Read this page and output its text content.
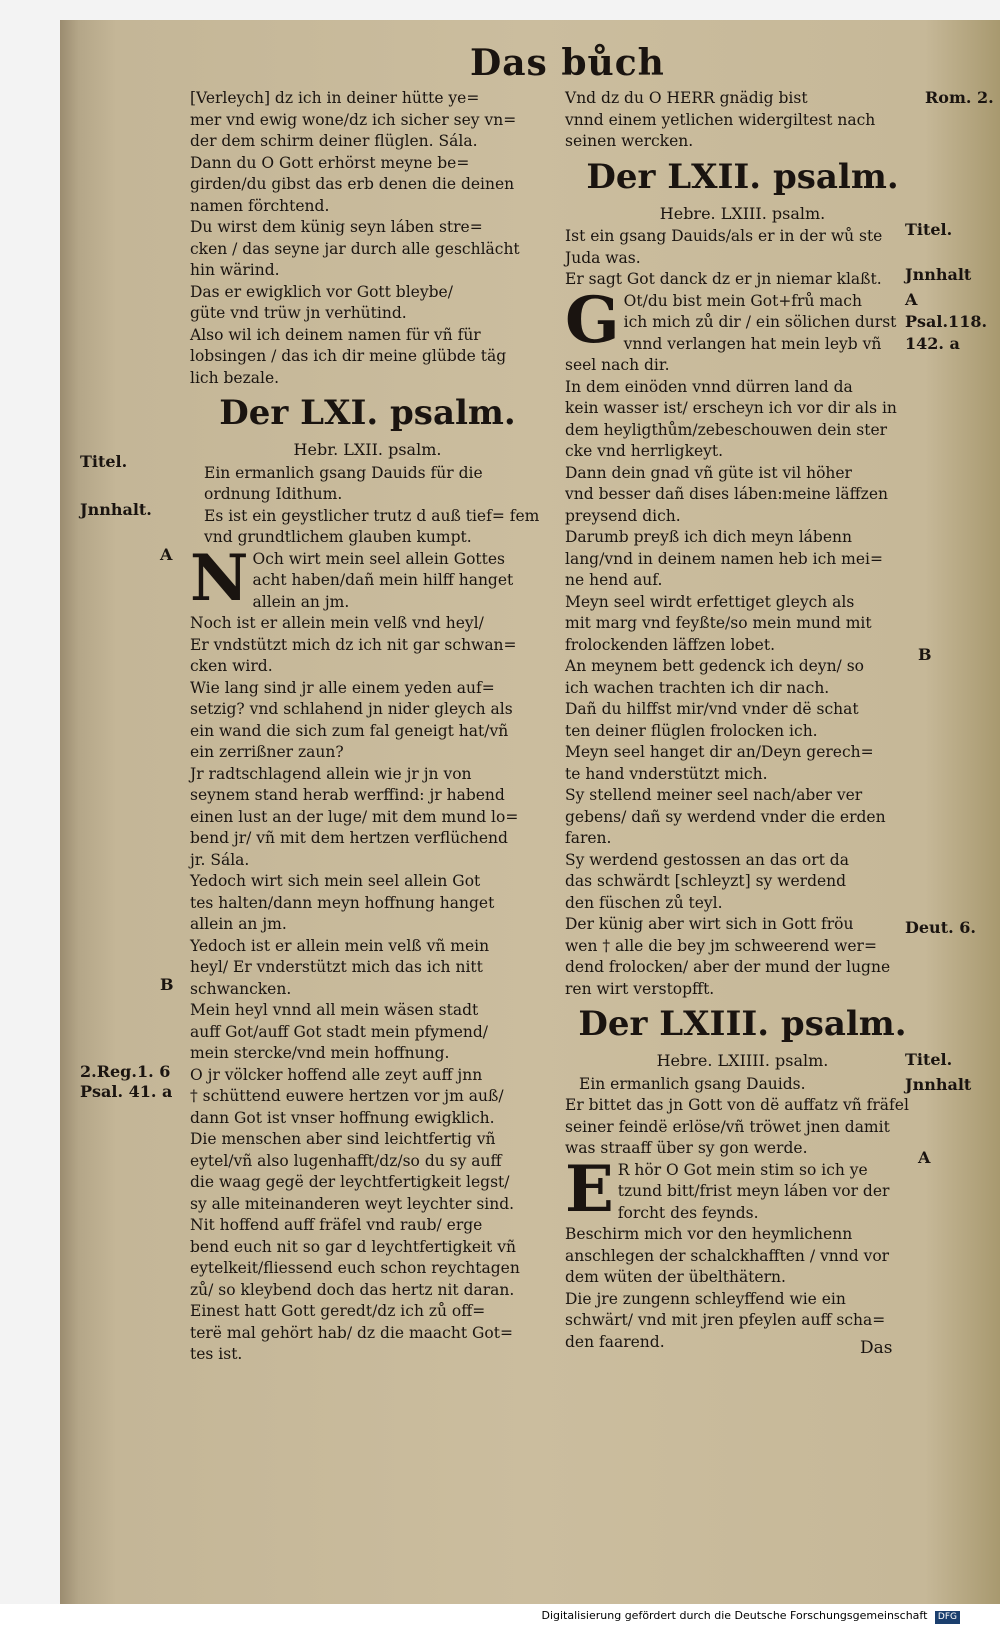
Das bůch
[Verleych] dz ich in deiner hütte ye=
mer vnd ewig wone/dz ich sicher sey vn=
der dem schirm deiner flüglen. Sála.
Dann du O Gott erhörst meyne be=
girden/du gibst das erb denen die deinen
namen förchtend.
Du wirst dem künig seyn láben stre=
cken / das seyne jar durch alle geschlächt
hin wärind.
Das er ewigklich vor Gott bleybe/
güte vnd trüw jn verhütind.
Also wil ich deinem namen für vñ für
lobsingen / das ich dir meine glübde täg
lich bezale.
Der LXI. psalm.
Hebr. LXII. psalm.

Ein ermanlich gsang Dauids für die ordnung Idithum.

Es ist ein geystlicher trutz d auß tief= fem vnd grundtlichem glauben kumpt.

N Och wirt mein seel allein Gottes
acht haben/dañ mein hilff hanget
allein an jm.
Noch ist er allein mein velß vnd heyl/
Er vndstützt mich dz ich nit gar schwan=
cken wird.
Wie lang sind jr alle einem yeden auf=
setzig? vnd schlahend jn nider gleych als
ein wand die sich zum fal geneigt hat/vñ
ein zerrißner zaun?
Jr radtschlagend allein wie jr jn von
seynem stand herab werffind: jr habend
einen lust an der luge/ mit dem mund lo=
bend jr/ vñ mit dem hertzen verflüchend
jr. Sála.
Yedoch wirt sich mein seel allein Got
tes halten/dann meyn hoffnung hanget
allein an jm.
Yedoch ist er allein mein velß vñ mein
heyl/ Er vnderstützt mich das ich nitt
schwancken.
Mein heyl vnnd all mein wäsen stadt
auff Got/auff Got stadt mein pfymend/
mein stercke/vnd mein hoffnung.
O jr völcker hoffend alle zeyt auff jnn
† schüttend euwere hertzen vor jm auß/
dann Got ist vnser hoffnung ewigklich.
Die menschen aber sind leichtfertig vñ
eytel/vñ also lugenhafft/dz/so du sy auff
die waag gegë der leychtfertigkeit legst/
sy alle miteinanderen weyt leychter sind.
Nit hoffend auff fräfel vnd raub/ erge
bend euch nit so gar d leychtfertigkeit vñ
eytelkeit/fliessend euch schon reychtagen
zů/ so kleybend doch das hertz nit daran.
Einest hatt Gott geredt/dz ich zů off=
terë mal gehört hab/ dz die maacht Got=
tes ist.
Vnd dz du O HERR gnädig bist
vnnd einem yetlichen widergiltest nach
seinen wercken.
Der LXII. psalm.
Hebre. LXIII. psalm.

Ist ein gsang Dauids/als er in der wů ste Juda was.

Er sagt Got danck dz er jn niemar klaßt.

G Ot/du bist mein Got+frů mach
ich mich zů dir / ein sölichen durst
vnnd verlangen hat mein leyb vñ
seel nach dir.
In dem einöden vnnd dürren land da
kein wasser ist/ erscheyn ich vor dir als in
dem heyligthům/zebeschouwen dein ster
cke vnd herrligkeyt.
Dann dein gnad vñ güte ist vil höher
vnd besser dañ dises láben:meine läffzen
preysend dich.
Darumb preyß ich dich meyn lábenn
lang/vnd in deinem namen heb ich mei=
ne hend auf.
Meyn seel wirdt erfettiget gleych als
mit marg vnd feyßte/so mein mund mit
frolockenden läffzen lobet.
An meynem bett gedenck ich deyn/ so
ich wachen trachten ich dir nach.
Dañ du hilffst mir/vnd vnder dë schat
ten deiner flüglen frolocken ich.
Meyn seel hanget dir an/Deyn gerech=
te hand vnderstützt mich.
Sy stellend meiner seel nach/aber ver
gebens/ dañ sy werdend vnder die erden
faren.
Sy werdend gestossen an das ort da
das schwärdt [schleyzt] sy werdend
den füschen zů teyl.
Der künig aber wirt sich in Gott fröu
wen † alle die bey jm schweerend wer=
dend frolocken/ aber der mund der lugne
ren wirt verstopfft.
Der LXIII. psalm.
Hebre. LXIIII. psalm.

Ein ermanlich gsang Dauids.

Er bittet das jn Gott von dë auffatz vñ fräfel seiner feindë erlöse/vñ tröwet jnen damit was straaff über sy gon werde.

E R hör O Got mein stim so ich ye
tzund bitt/frist meyn láben vor der
forcht des feynds.
Beschirm mich vor den heymlichenn
anschlegen der schalckhafften / vnnd vor
dem wüten der übelthätern.
Die jre zungenn schleyffend wie ein
schwärt/ vnd mit jren pfeylen auff scha=
den faarend.	Das
Titel.
Jnnhalt.
A
B
2.Reg.1. 6
Psal. 41. a
Rom. 2.
Titel.
Jnnhalt
A
Psal.118.
142. a
B
Deut. 6.
Titel.
Jnnhalt
A
Digitalisierung gefördert durch die Deutsche Forschungsgemeinschaft DFG
